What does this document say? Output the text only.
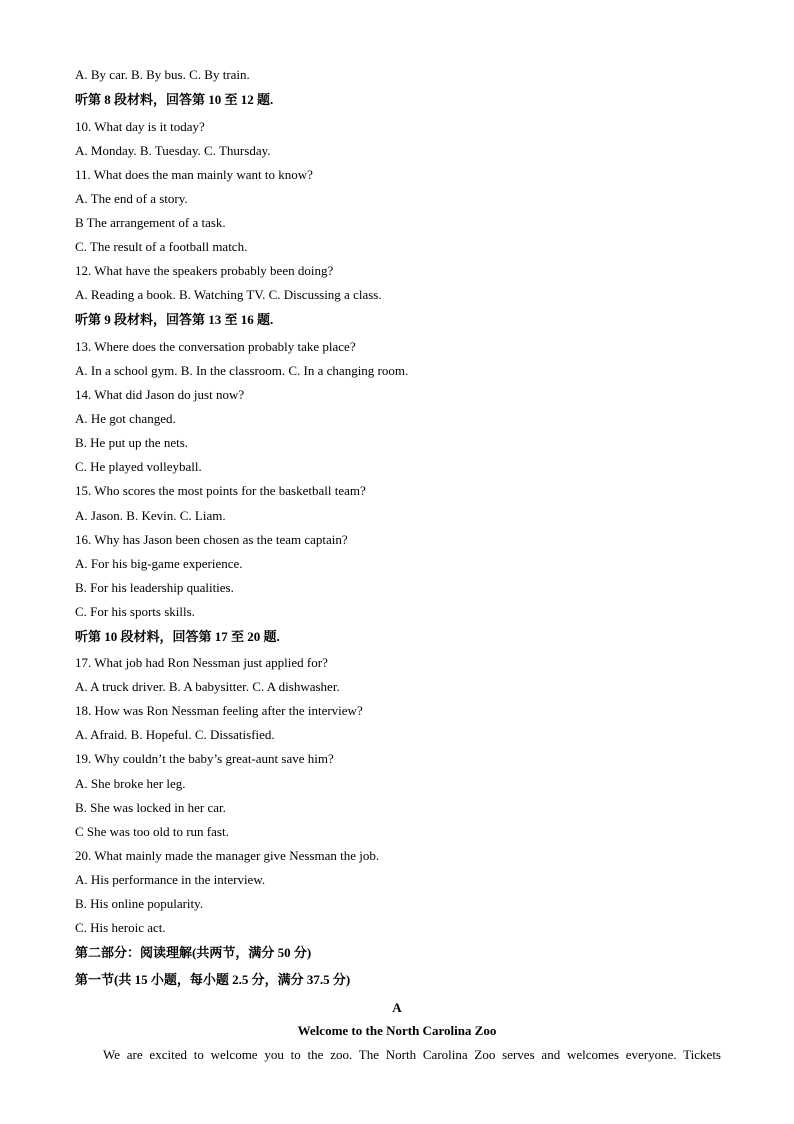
A. By car. B. By bus. C. By train.
听第 8 段材料，回答第 10 至 12 题.
10. What day is it today?
A. Monday. B. Tuesday. C. Thursday.
11. What does the man mainly want to know?
A. The end of a story.
B The arrangement of a task.
C. The result of a football match.
12. What have the speakers probably been doing?
A. Reading a book. B. Watching TV. C. Discussing a class.
听第 9 段材料，回答第 13 至 16 题.
13. Where does the conversation probably take place?
A. In a school gym. B. In the classroom. C. In a changing room.
14. What did Jason do just now?
A. He got changed.
B. He put up the nets.
C. He played volleyball.
15. Who scores the most points for the basketball team?
A. Jason. B. Kevin. C. Liam.
16. Why has Jason been chosen as the team captain?
A. For his big-game experience.
B. For his leadership qualities.
C. For his sports skills.
听第 10 段材料，回答第 17 至 20 题.
17. What job had Ron Nessman just applied for?
A. A truck driver. B. A babysitter. C. A dishwasher.
18. How was Ron Nessman feeling after the interview?
A. Afraid. B. Hopeful. C. Dissatisfied.
19. Why couldn’t the baby’s great-aunt save him?
A. She broke her leg.
B. She was locked in her car.
C She was too old to run fast.
20. What mainly made the manager give Nessman the job.
A. His performance in the interview.
B. His online popularity.
C. His heroic act.
第二部分：阅读理解(共两节，满分 50 分)
第一节(共 15 小题，每小题 2.5 分，满分 37.5 分)
A
Welcome to the North Carolina Zoo
We are excited to welcome you to the zoo. The North Carolina Zoo serves and welcomes everyone. Tickets
